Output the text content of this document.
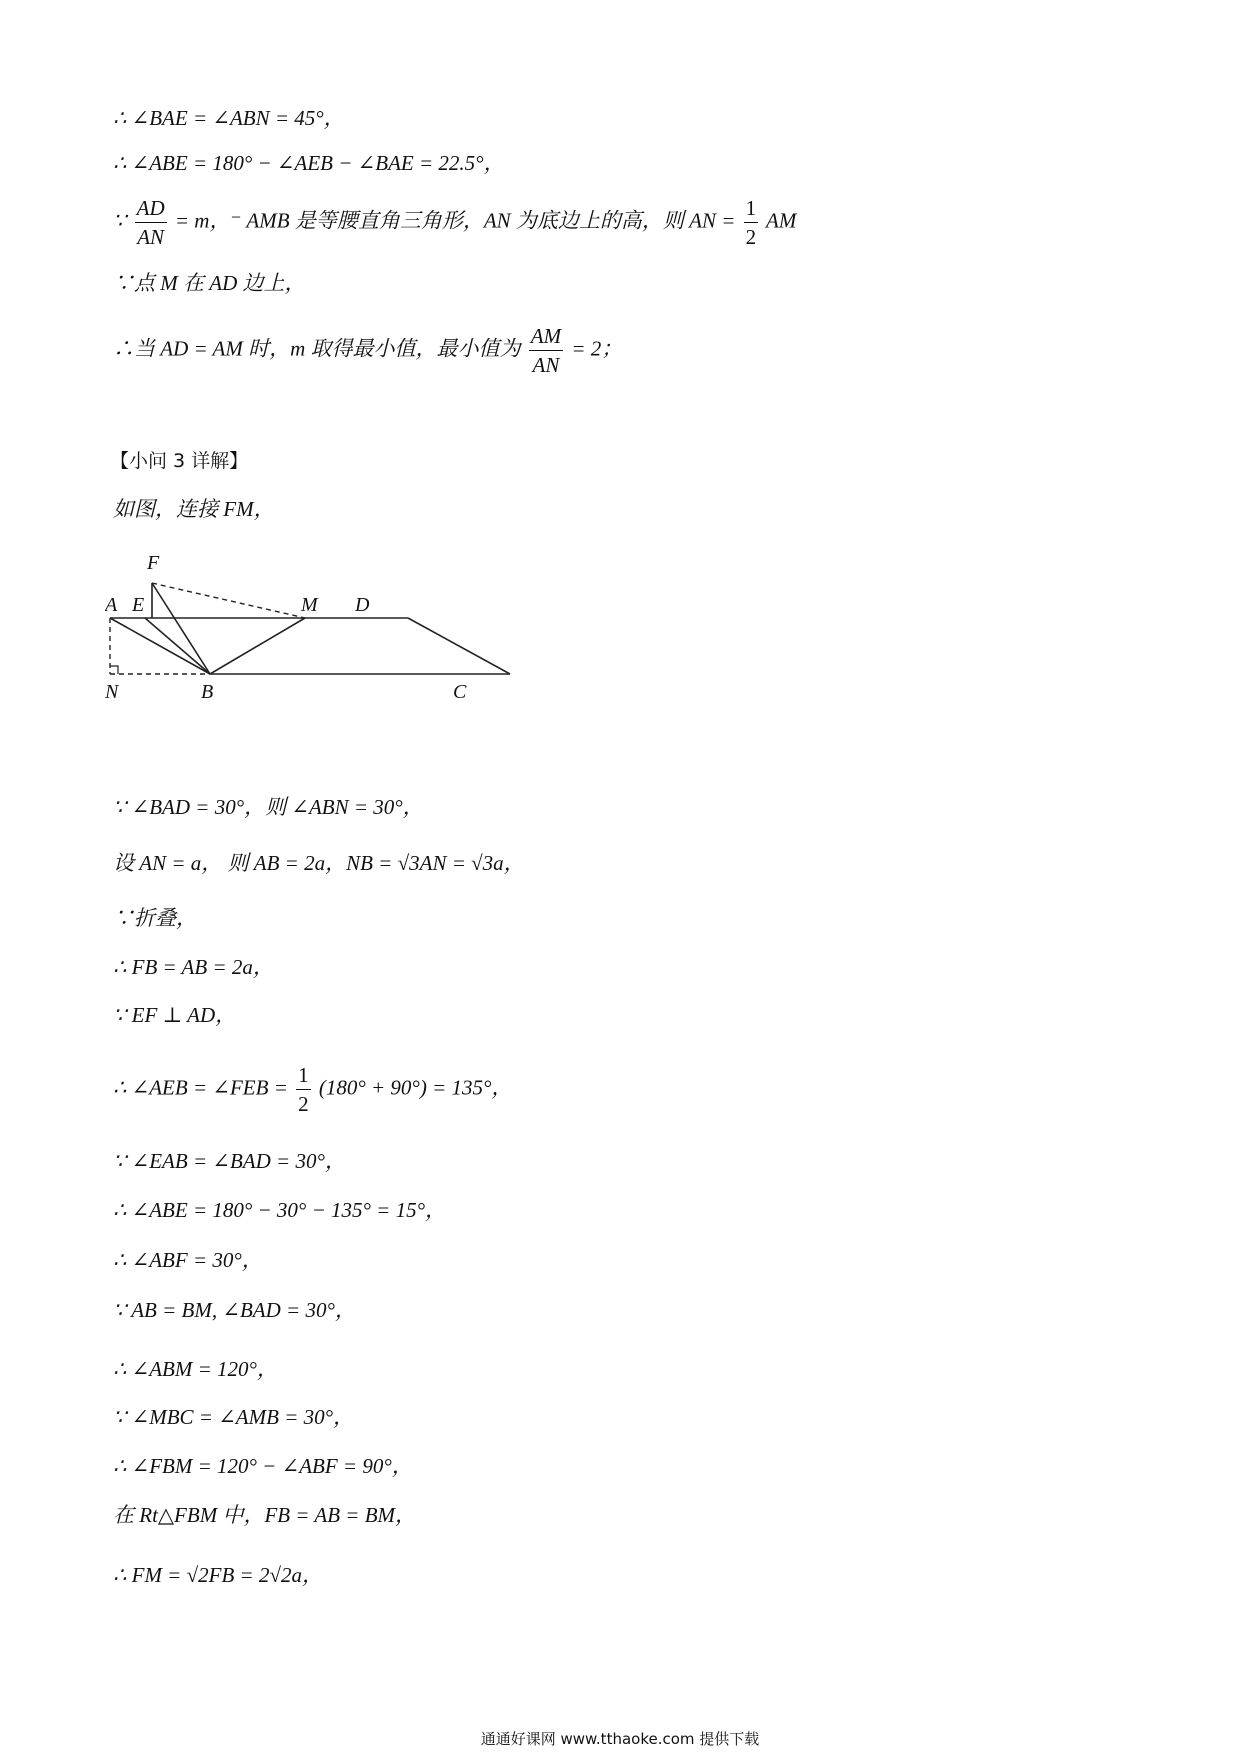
∴ ∠BAE = ∠ABN = 45°，
∴ ∠ABE = 180° − ∠AEB − ∠BAE = 22.5°，
∵ $\frac{AD}{AN} = m$，⁻ AMB 是等腰直角三角形，AN 为底边上的高，则 AN = $\frac{1}{2}$ AM
∵点 M 在 AD 边上，
∴当 AD = AM 时，m 取得最小值，最小值为 $\frac{AM}{AN} = 2$；
【小问 3 详解】
如图，连接 FM，
F
A E	M D
N	B	C
∵ ∠BAD = 30°，则 ∠ABN = 30°，
设 AN = a， 则 AB = 2a，NB = √3AN = √3a，
∵折叠，
∴ FB = AB = 2a，
∵ EF ⊥ AD，
∴ ∠AEB = ∠FEB = $\frac{1}{2} (180^\circ + 90^\circ) = 135^\circ$，
∵ ∠EAB = ∠BAD = 30°，
∴ ∠ABE = 180° − 30° − 135° = 15°，
∴ ∠ABF = 30°，
∵ AB = BM, ∠BAD = 30°，
∴ ∠ABM = 120°，
∵ ∠MBC = ∠AMB = 30°，
∴ ∠FBM = 120° − ∠ABF = 90°，
在 Rt△FBM 中，FB = AB = BM，
∴ FM = √2FB = 2√2a，
通通好课网 www.tthaoke.com 提供下载
